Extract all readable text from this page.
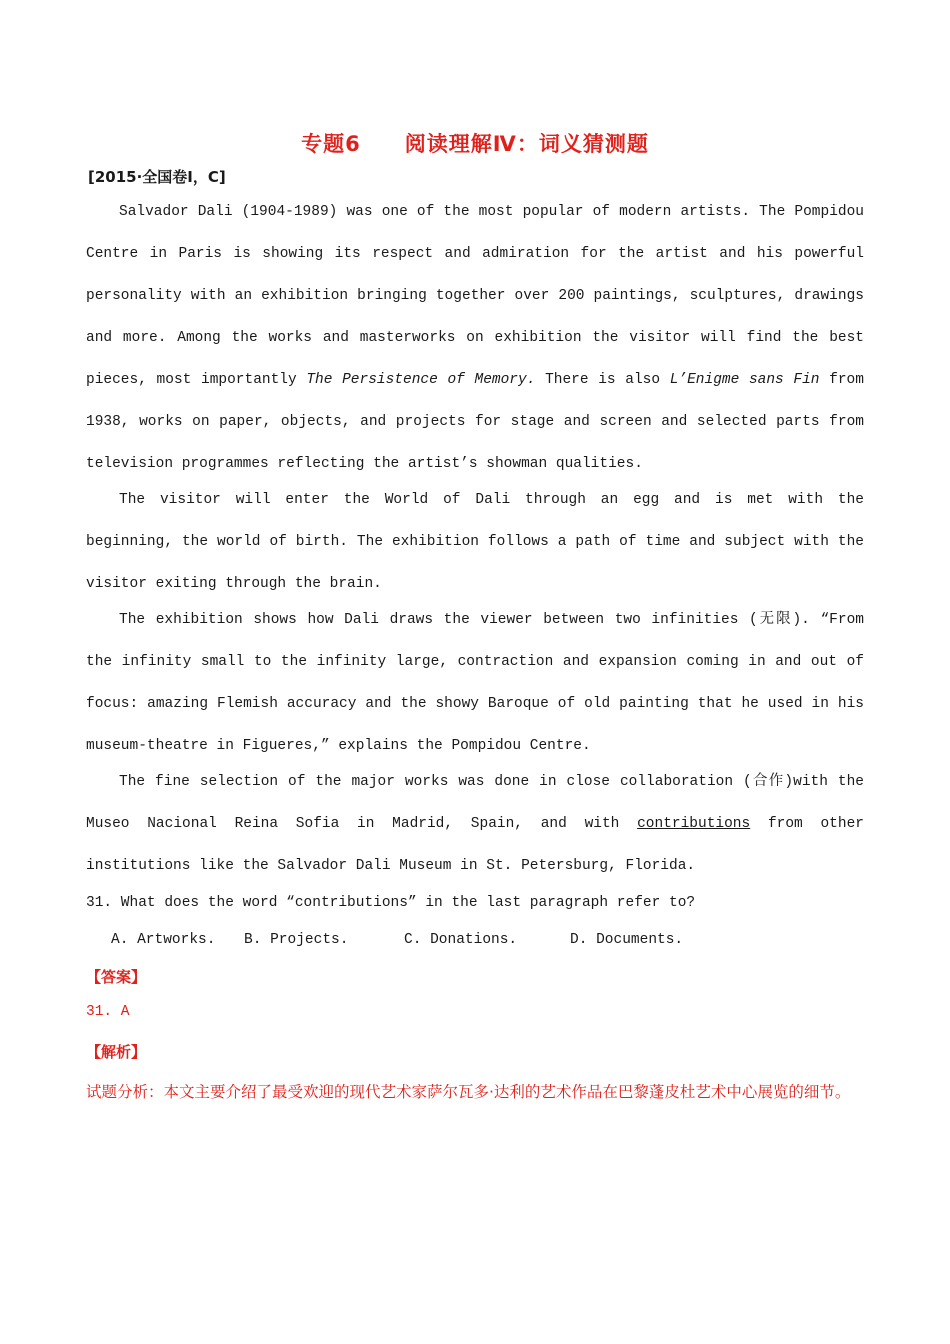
专题6 阅读理解Ⅳ：词义猜测题
[2015·全国卷Ⅰ，C]

Salvador Dali (1904-1989) was one of the most popular of modern artists. The Pompidou Centre in Paris is showing its respect and admiration for the artist and his powerful personality with an exhibition bringing together over 200 paintings, sculptures, drawings and more. Among the works and masterworks on exhibition the visitor will find the best pieces, most importantly The Persistence of Memory. There is also L’Enigme sans Fin from 1938, works on paper, objects, and projects for stage and screen and selected parts from television programmes reflecting the artist’s showman qualities.

The visitor will enter the World of Dali through an egg and is met with the beginning, the world of birth. The exhibition follows a path of time and subject with the visitor exiting through the brain.

The exhibition shows how Dali draws the viewer between two infinities (无限). “From the infinity small to the infinity large, contraction and expansion coming in and out of focus: amazing Flemish accuracy and the showy Baroque of old painting that he used in his museum-theatre in Figueres,” explains the Pompidou Centre.

The fine selection of the major works was done in close collaboration (合作)with the Museo Nacional Reina Sofia in Madrid, Spain, and with contributions from other institutions like the Salvador Dali Museum in St. Petersburg, Florida.

31. What does the word “contributions” in the last paragraph refer to?
A. Artworks. B. Projects.	C. Donations.	D. Documents.
【答案】
31. A
【解析】
试题分析：本文主要介绍了最受欢迎的现代艺术家萨尔瓦多·达利的艺术作品在巴黎蓬皮杜艺术中心展览的细节。
